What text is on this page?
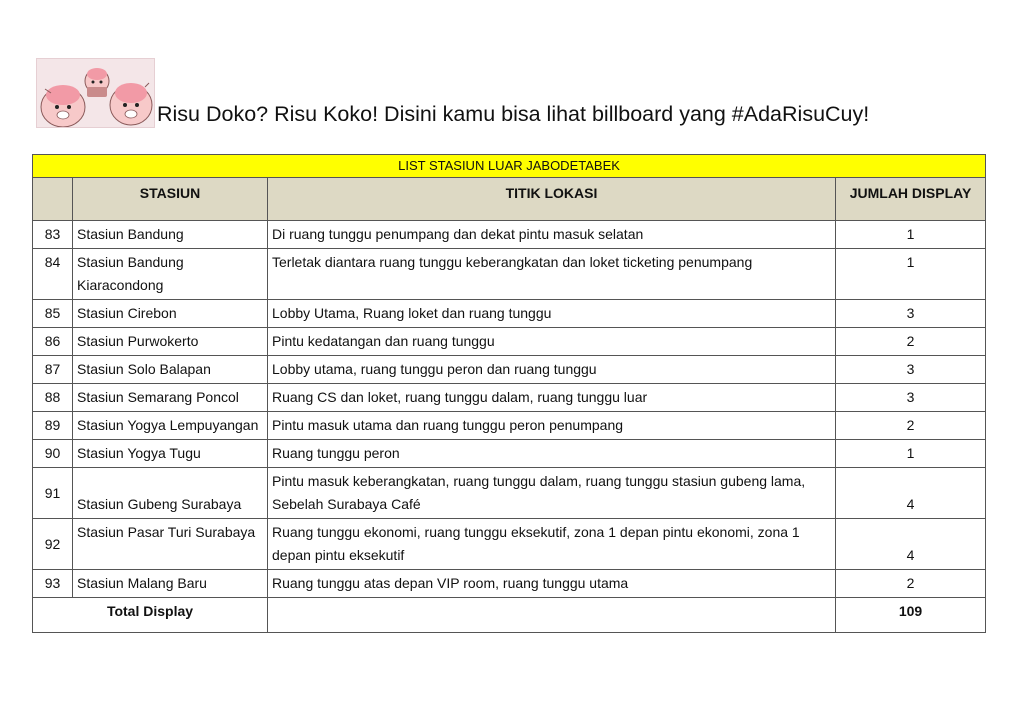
Risu Doko? Risu Koko! Disini kamu bisa lihat billboard yang #AdaRisuCuy!
LIST STASIUN LUAR JABODETABEK			
	STASIUN	TITIK LOKASI	JUMLAH DISPLAY
83	Stasiun Bandung	Di ruang tunggu penumpang dan dekat pintu masuk selatan	1
84	Stasiun Bandung Kiaracondong	Terletak diantara ruang tunggu keberangkatan dan loket ticketing penumpang	1
85	Stasiun Cirebon	Lobby Utama, Ruang loket dan ruang tunggu	3
86	Stasiun Purwokerto	Pintu kedatangan dan ruang tunggu	2
87	Stasiun Solo Balapan	Lobby utama, ruang tunggu peron dan ruang tunggu	3
88	Stasiun Semarang Poncol	Ruang CS dan loket, ruang tunggu dalam, ruang tunggu luar	3
89	Stasiun Yogya Lempuyangan	Pintu masuk utama dan ruang tunggu peron penumpang	2
90	Stasiun Yogya Tugu	Ruang tunggu peron	1
91	Stasiun Gubeng Surabaya	Pintu masuk keberangkatan, ruang tunggu dalam, ruang tunggu stasiun gubeng lama, Sebelah Surabaya Café	4
92	Stasiun Pasar Turi Surabaya	Ruang tunggu ekonomi, ruang tunggu eksekutif, zona 1 depan pintu ekonomi, zona 1 depan pintu eksekutif	4
93	Stasiun Malang Baru	Ruang tunggu atas depan VIP room, ruang tunggu utama	2
Total Display			109
